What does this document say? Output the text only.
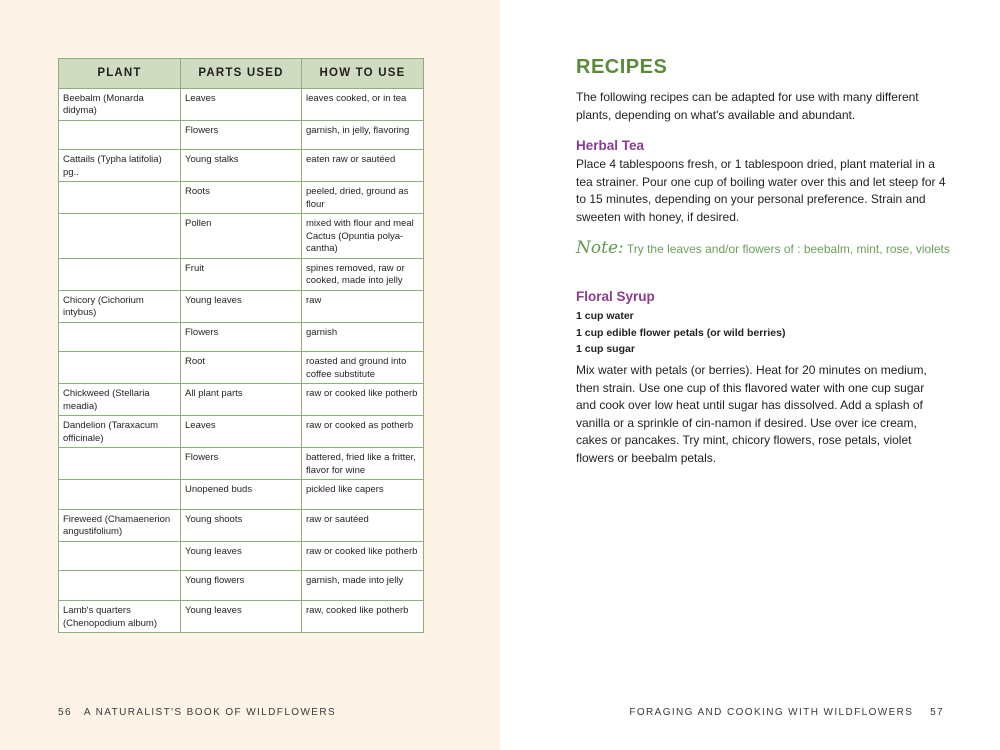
PLANT	PARTS USED	HOW TO USE
Beebalm (Monarda didyma)	Leaves	leaves cooked, or in tea
	Flowers	garnish, in jelly, flavoring
Cattails (Typha latifolia) pg..	Young stalks	eaten raw or sautéed
	Roots	peeled, dried, ground as flour
	Pollen	mixed with flour and meal Cactus (Opuntia polya-cantha)
	Fruit	spines removed, raw or cooked, made into jelly
Chicory (Cichorium intybus)	Young leaves	raw
	Flowers	garnish
	Root	roasted and ground into coffee substitute
Chickweed (Stellaria meadia)	All plant parts	raw or cooked like potherb
Dandelion (Taraxacum officinale)	Leaves	raw or cooked as potherb
	Flowers	battered, fried like a fritter, flavor for wine
	Unopened buds	pickled like capers
Fireweed (Chamaenerion angustifolium)	Young shoots	raw or sautéed
	Young leaves	raw or cooked like potherb
	Young flowers	garnish, made into jelly
Lamb's quarters (Chenopodium album)	Young leaves	raw, cooked like potherb
RECIPES
The following recipes can be adapted for use with many different plants, depending on what's available and abundant.
Herbal Tea
Place 4 tablespoons fresh, or 1 tablespoon dried, plant material in a tea strainer. Pour one cup of boiling water over this and let steep for 4 to 15 minutes, depending on your personal preference. Strain and sweeten with honey, if desired.
Note: Try the leaves and/or flowers of : beebalm, mint, rose, violets
Floral Syrup
1 cup water
1 cup edible flower petals (or wild berries)
1 cup sugar
Mix water with petals (or berries). Heat for 20 minutes on medium, then strain. Use one cup of this flavored water with one cup sugar and cook over low heat until sugar has dissolved. Add a splash of vanilla or a sprinkle of cin-namon if desired. Use over ice cream, cakes or pancakes. Try mint, chicory flowers, rose petals, violet flowers or beebalm petals.
56 A NATURALIST'S BOOK OF WILDFLOWERS	FORAGING AND COOKING WITH WILDFLOWERS 57
